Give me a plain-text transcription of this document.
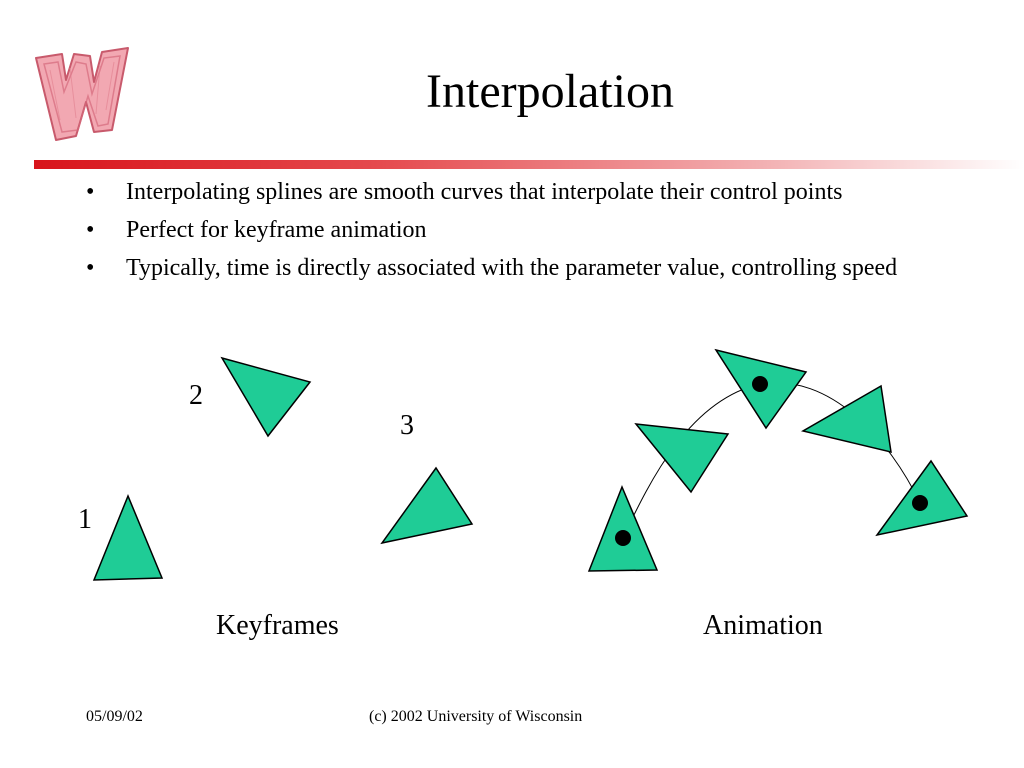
Interpolation
• Interpolating splines are smooth curves that interpolate their control points
• Perfect for keyframe animation
• Typically, time is directly associated with the parameter value, controlling speed
1
2
3
Keyframes	Animation
05/09/02	(c) 2002 University of Wisconsin
